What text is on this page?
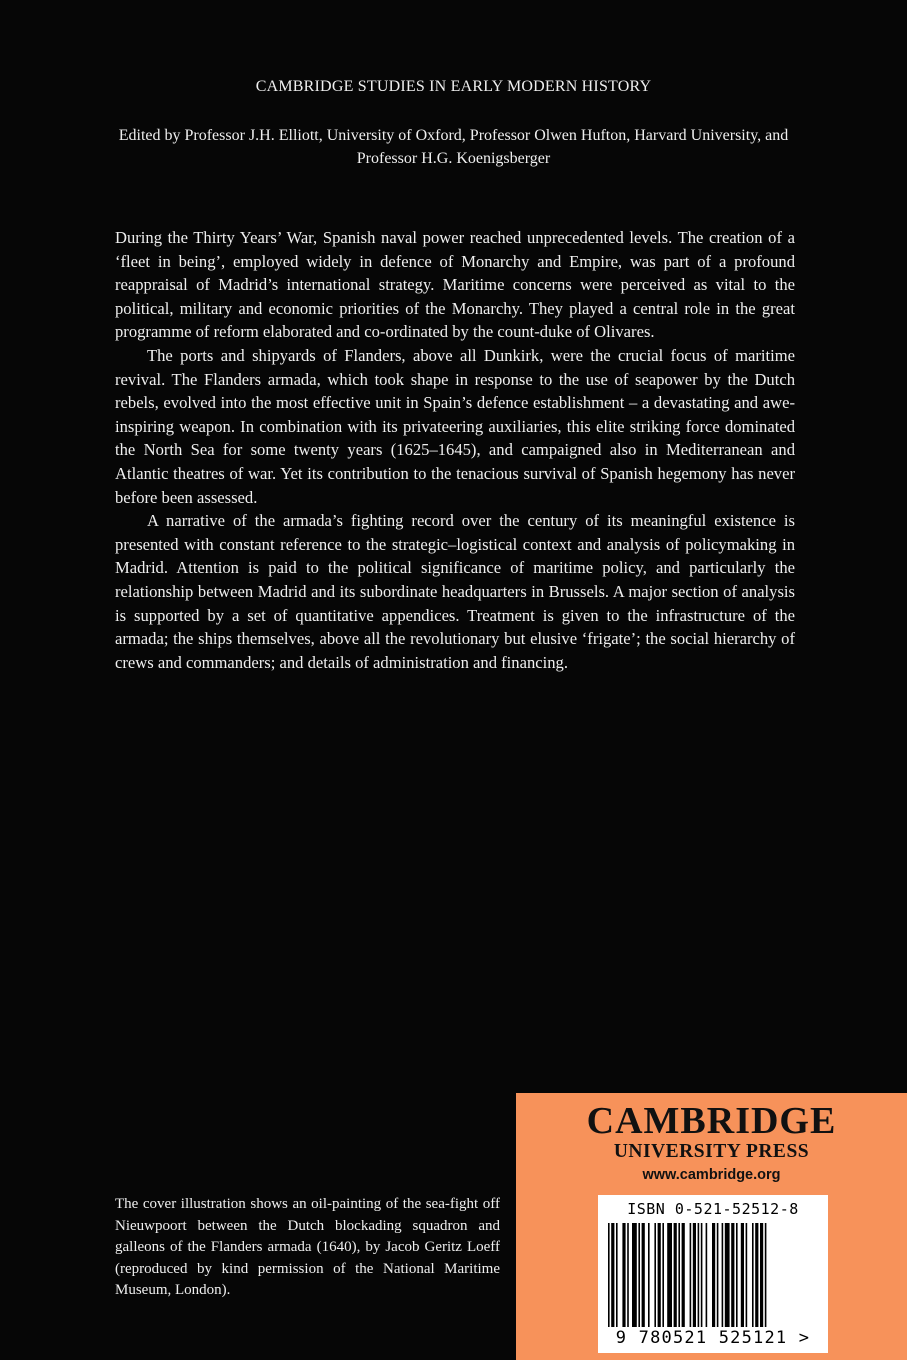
CAMBRIDGE STUDIES IN EARLY MODERN HISTORY
Edited by Professor J.H. Elliott, University of Oxford, Professor Olwen Hufton, Harvard University, and
Professor H.G. Koenigsberger

During the Thirty Years’ War, Spanish naval power reached unprecedented levels. The creation of a ‘fleet in being’, employed widely in defence of Monarchy and Empire, was part of a profound reappraisal of Madrid’s international strategy. Maritime concerns were perceived as vital to the political, military and economic priorities of the Monarchy. They played a central role in the great programme of reform elaborated and co-ordinated by the count-duke of Olivares.

The ports and shipyards of Flanders, above all Dunkirk, were the crucial focus of maritime revival. The Flanders armada, which took shape in response to the use of seapower by the Dutch rebels, evolved into the most effective unit in Spain’s defence establishment – a devastating and awe-inspiring weapon. In combination with its privateering auxiliaries, this elite striking force dominated the North Sea for some twenty years (1625–1645), and campaigned also in Mediterranean and Atlantic theatres of war. Yet its contribution to the tenacious survival of Spanish hegemony has never before been assessed.

A narrative of the armada’s fighting record over the century of its meaningful existence is presented with constant reference to the strategic–logistical context and analysis of policymaking in Madrid. Attention is paid to the political significance of maritime policy, and particularly the relationship between Madrid and its subordinate headquarters in Brussels. A major section of analysis is supported by a set of quantitative appendices. Treatment is given to the infrastructure of the armada; the ships themselves, above all the revolutionary but elusive ‘frigate’; the social hierarchy of crews and commanders; and details of administration and financing.

The cover illustration shows an oil-painting of the sea-fight off Nieuwpoort between the Dutch blockading squadron and galleons of the Flanders armada (1640), by Jacob Geritz Loeff (reproduced by kind permission of the National Maritime Museum, London).
CAMBRIDGE
UNIVERSITY PRESS
www.cambridge.org
ISBN 0-521-52512-8
9 780521 525121 >
